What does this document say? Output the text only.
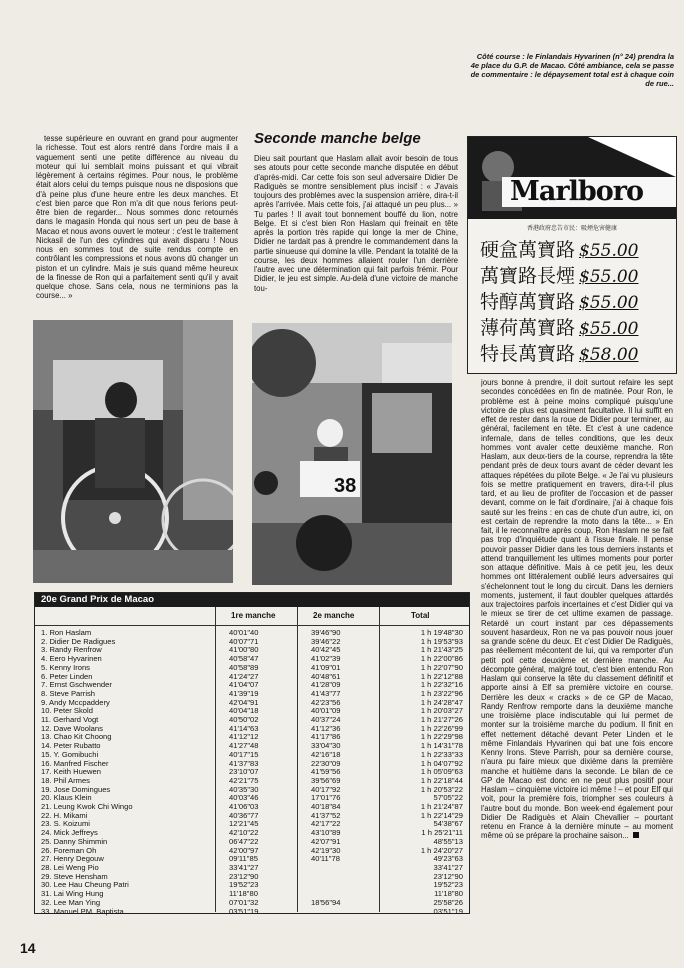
Côté course : le Finlandais Hyvarinen (n° 24) prendra la 4e place du G.P. de Macao. Côté ambiance, cela se passe de commentaire : le dépaysement total est à chaque coin de rue...

tesse supérieure en ouvrant en grand pour augmenter la richesse. Tout est alors rentré dans l'ordre mais il a vaguement senti une petite différence au niveau du moteur qui lui semblait moins puissant et qui vibrait légèrement à certains régimes. Pour nous, le problème était alors celui du temps puisque nous ne disposions que d'à peine plus d'une heure entre les deux manches. Et c'est bien parce que Ron m'a dit que nous ferions peut-être bien de regarder... Nous sommes donc retournés dans le magasin Honda qui nous sert un peu de base à Macao et nous avons ouvert le moteur : c'est le traitement Nickasil de l'un des cylindres qui avait disparu ! Nous nous en sommes tout de suite rendus compte en contrôlant les compressions et nous avons dû changer un piston et un cylindre. Mais je suis quand même heureux de la finesse de Ron qui a parfaitement senti qu'il y avait quelque chose. Sans cela, nous ne terminions pas la course... »

Seconde manche belge

Dieu sait pourtant que Haslam allait avoir besoin de tous ses atouts pour cette seconde manche disputée en début d'après-midi. Car cette fois son seul adversaire Didier De Radiguès se montre sensiblement plus incisif : « J'avais toujours des problèmes avec la suspension arrière, dira-t-il après l'arrivée. Mais cette fois, j'ai attaqué un peu plus... » Tu parles ! Il avait tout bonnement bouffé du lion, notre Belge. Et si c'est bien Ron Haslam qui freinait en tête après la portion très rapide qui longe la mer de Chine, Didier ne tardait pas à prendre le commandement dans la partie sinueuse qui domine la ville. Pendant la totalité de la course, les deux hommes allaient rouler l'un derrière l'autre avec une détermination qui fait parfois frémir. Pour Didier, le jeu est simple. Au-delà d'une victoire de manche tou-

38
Marlboro
香港政府忠告市民：吸煙危害健康
硬盒萬寶路 $55.00
萬寶路長煙 $55.00
特醇萬寶路 $55.00
薄荷萬寶路 $55.00
特長萬寶路 $58.00

jours bonne à prendre, il doit surtout refaire les sept secondes concédées en fin de matinée. Pour Ron, le problème est à peine moins compliqué puisqu'une victoire de plus est quasiment facultative. Il lui suffit en effet de rester dans la roue de Didier pour terminer, au général, facilement en tête. Et c'est à une cadence infernale, dans de telles conditions, que les deux hommes vont avaler cette deuxième manche. Ron Haslam, aux deux-tiers de la course, reprendra la tête pendant près de deux tours avant de céder devant les attaques répétées du pilote Belge. « Je l'ai vu plusieurs fois se mettre pratiquement en travers, dira-t-il plus tard, et au lieu de profiter de l'occasion et de passer devant, comme on le fait d'ordinaire, j'ai à chaque fois sauté sur les freins : en cas de chute d'un autre, ici, on est certain de reprendre la moto dans la tête... » En fait, il le reconnaître après coup, Ron Haslam ne se fait pas trop d'inquiétude quant à l'issue finale. Il pense pouvoir passer Didier dans les tous derniers instants et attend tranquillement les ultimes moments pour porter son attaque définitive. Mais à ce petit jeu, les deux hommes ont littéralement oublié leurs adversaires qui s'échelonnent tout le long du circuit. Dans les derniers moments, justement, il faut doubler quelques attardés aux trajectoires parfois incertaines et c'est Didier qui va le mieux se tirer de cet ultime examen de passage. Retardé un court instant par ces dépassements souvent hasardeux, Ron ne va pas pouvoir nous jouer sa grande scène du deux. Et c'est Didier De Radiguès, pas réellement mécontent de lui, qui va remporter d'un petit poil cette deuxième et dernière manche. Au décompte général, malgré tout, c'est bien entendu Ron Haslam qui conserve la tête du classement définitif et apporte ainsi à Elf sa première victoire en course. Derrière les deux « cracks » de ce GP de Macao, Randy Renfrow remporte dans la deuxième manche une troisième place indiscutable qui lui permet de monter sur la troisième marche du podium. Il finit en effet nettement détaché devant Peter Linden et le même Finlandais Hyvarinen qui bat une fois encore Kenny Irons. Steve Parrish, pour sa dernière course, n'aura pu faire mieux que dixième dans la première manche et huitième dans la seconde. Le bilan de ce GP de Macao est donc en ne peut plus positif pour Haslam – cinquième victoire ici même ! – et pour Elf qui voit, pour la première fois, triompher ses couleurs à l'autre bout du monde. Bon week-end également pour Didier De Radiguès et Alain Chevallier – pourtant retenu en France à la dernière minute – au moment même où se prépare la prochaine saison...

20e Grand Prix de Macao
1re manche	2e manche	Total
1. Ron Haslam
2. Didier De Radigues
3. Randy Renfrow
4. Eero Hyvarinen
5. Kenny Irons
6. Peter Linden
7. Ernst Gschwender
8. Steve Parrish
9. Andy Mccpaddery
10. Peter Skold
11. Gerhard Vogt
12. Dave Woolans
13. Chao Kit Choong
14. Peter Rubatto
15. Y. Gomibuchi
16. Manfred Fischer
17. Keith Huewen
18. Phil Armes
19. Jose Domingues
20. Klaus Klein
21. Leung Kwok Chi Wingo
22. H. Mikami
23. S. Koizumi
24. Mick Jeffreys
25. Danny Shimmin
26. Foreman Oh
27. Henry Degouw
28. Lei Weng Pio
29. Steve Hensham
30. Lee Hau Cheung Patri
31. Lai Wing Hung
32. Lee Man Ying
33. Manuel PM. Baptista
40'01"40
40'07"71
41'00"80
40'58"47
40'58"89
41'24"27
41'04"07
41'39"19
42'04"91
40'04"18
40'50"02
41'14"63
41'12"12
41'27"48
40'17"15
41'37"83
23'10"07
42'21"75
40'35"30
40'03"46
41'06"03
40'36"77
12'21"45
42'10"22
06'47"22
42'00"97
09'11"85
33'41"27
23'12"90
19'52"23
11'18"80
07'01"32
03'51"19
39'46"90
39'46"22
40'42"45
41'02"39
41'09"01
40'48"61
41'28"09
41'43"77
42'23"56
40'01"09
40'37"24
41'12"36
41'17"86
33'04"30
42'16"18
22'30"09
41'59"56
39'56"69
40'17"92
17'01"76
40'18"84
41'37"52
42'17"22
43'10"89
42'07"91
42'19"30
40'11"78

18'56"94

1 h 19'48"30
1 h 19'53"93
1 h 21'43"25
1 h 22'00"86
1 h 22'07"90
1 h 22'12"88
1 h 22'32"16
1 h 23'22"96
1 h 24'28"47
1 h 20'03"27
1 h 21'27"26
1 h 22'26"99
1 h 22'29"98
1 h 14'31"78
1 h 22'33"33
1 h 04'07"92
1 h 05'09"63
1 h 22'18"44
1 h 20'53"22
57'05"22
1 h 21'24"87
1 h 22'14"29
54'38"67
1 h 25'21"11
48'55"13
1 h 24'20"27
49'23"63
33'41"27
23'12"90
19'52"23
11'18"80
25'58"26
03'51"19
14
